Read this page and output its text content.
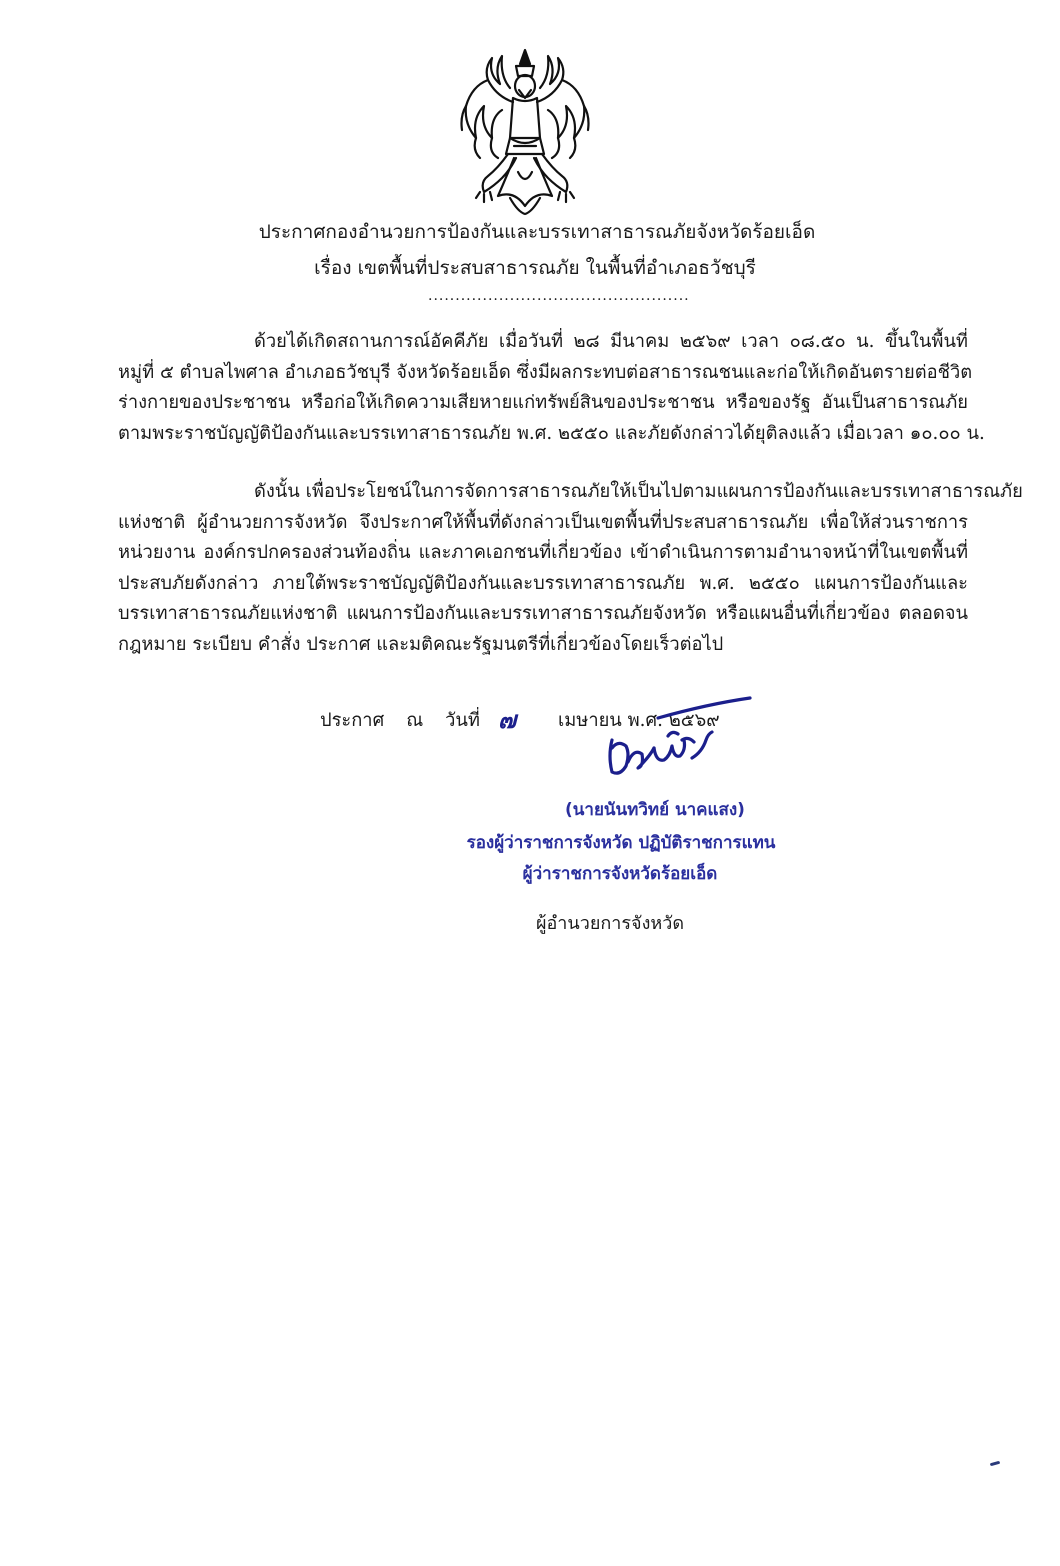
ประกาศกองอำนวยการป้องกันและบรรเทาสาธารณภัยจังหวัดร้อยเอ็ด
เรื่อง เขตพื้นที่ประสบสาธารณภัย ในพื้นที่อำเภอธวัชบุรี
................................................
ด้วยได้เกิดสถานการณ์อัคคีภัย เมื่อวันที่ ๒๘ มีนาคม ๒๕๖๙ เวลา ๐๘.๕๐ น. ขึ้นในพื้นที่
หมู่ที่ ๕ ตำบลไพศาล อำเภอธวัชบุรี จังหวัดร้อยเอ็ด ซึ่งมีผลกระทบต่อสาธารณชนและก่อให้เกิดอันตรายต่อชีวิต
ร่างกายของประชาชน หรือก่อให้เกิดความเสียหายแก่ทรัพย์สินของประชาชน หรือของรัฐ อันเป็นสาธารณภัย
ตามพระราชบัญญัติป้องกันและบรรเทาสาธารณภัย พ.ศ. ๒๕๕๐ และภัยดังกล่าวได้ยุติลงแล้ว เมื่อเวลา ๑๐.๐๐ น.
ดังนั้น เพื่อประโยชน์ในการจัดการสาธารณภัยให้เป็นไปตามแผนการป้องกันและบรรเทาสาธารณภัย
แห่งชาติ ผู้อำนวยการจังหวัด จึงประกาศให้พื้นที่ดังกล่าวเป็นเขตพื้นที่ประสบสาธารณภัย เพื่อให้ส่วนราชการ
หน่วยงาน องค์กรปกครองส่วนท้องถิ่น และภาคเอกชนที่เกี่ยวข้อง เข้าดำเนินการตามอำนาจหน้าที่ในเขตพื้นที่
ประสบภัยดังกล่าว ภายใต้พระราชบัญญัติป้องกันและบรรเทาสาธารณภัย พ.ศ. ๒๕๕๐ แผนการป้องกันและ
บรรเทาสาธารณภัยแห่งชาติ แผนการป้องกันและบรรเทาสาธารณภัยจังหวัด หรือแผนอื่นที่เกี่ยวข้อง ตลอดจน
กฎหมาย ระเบียบ คำสั่ง ประกาศ และมติคณะรัฐมนตรีที่เกี่ยวข้องโดยเร็วต่อไป
ประกาศ ณ วันที่	เมษายน พ.ศ. ๒๕๖๙
๗
(นายนันทวิทย์ นาคแสง)
รองผู้ว่าราชการจังหวัด ปฏิบัติราชการแทน
ผู้ว่าราชการจังหวัดร้อยเอ็ด
ผู้อำนวยการจังหวัด
